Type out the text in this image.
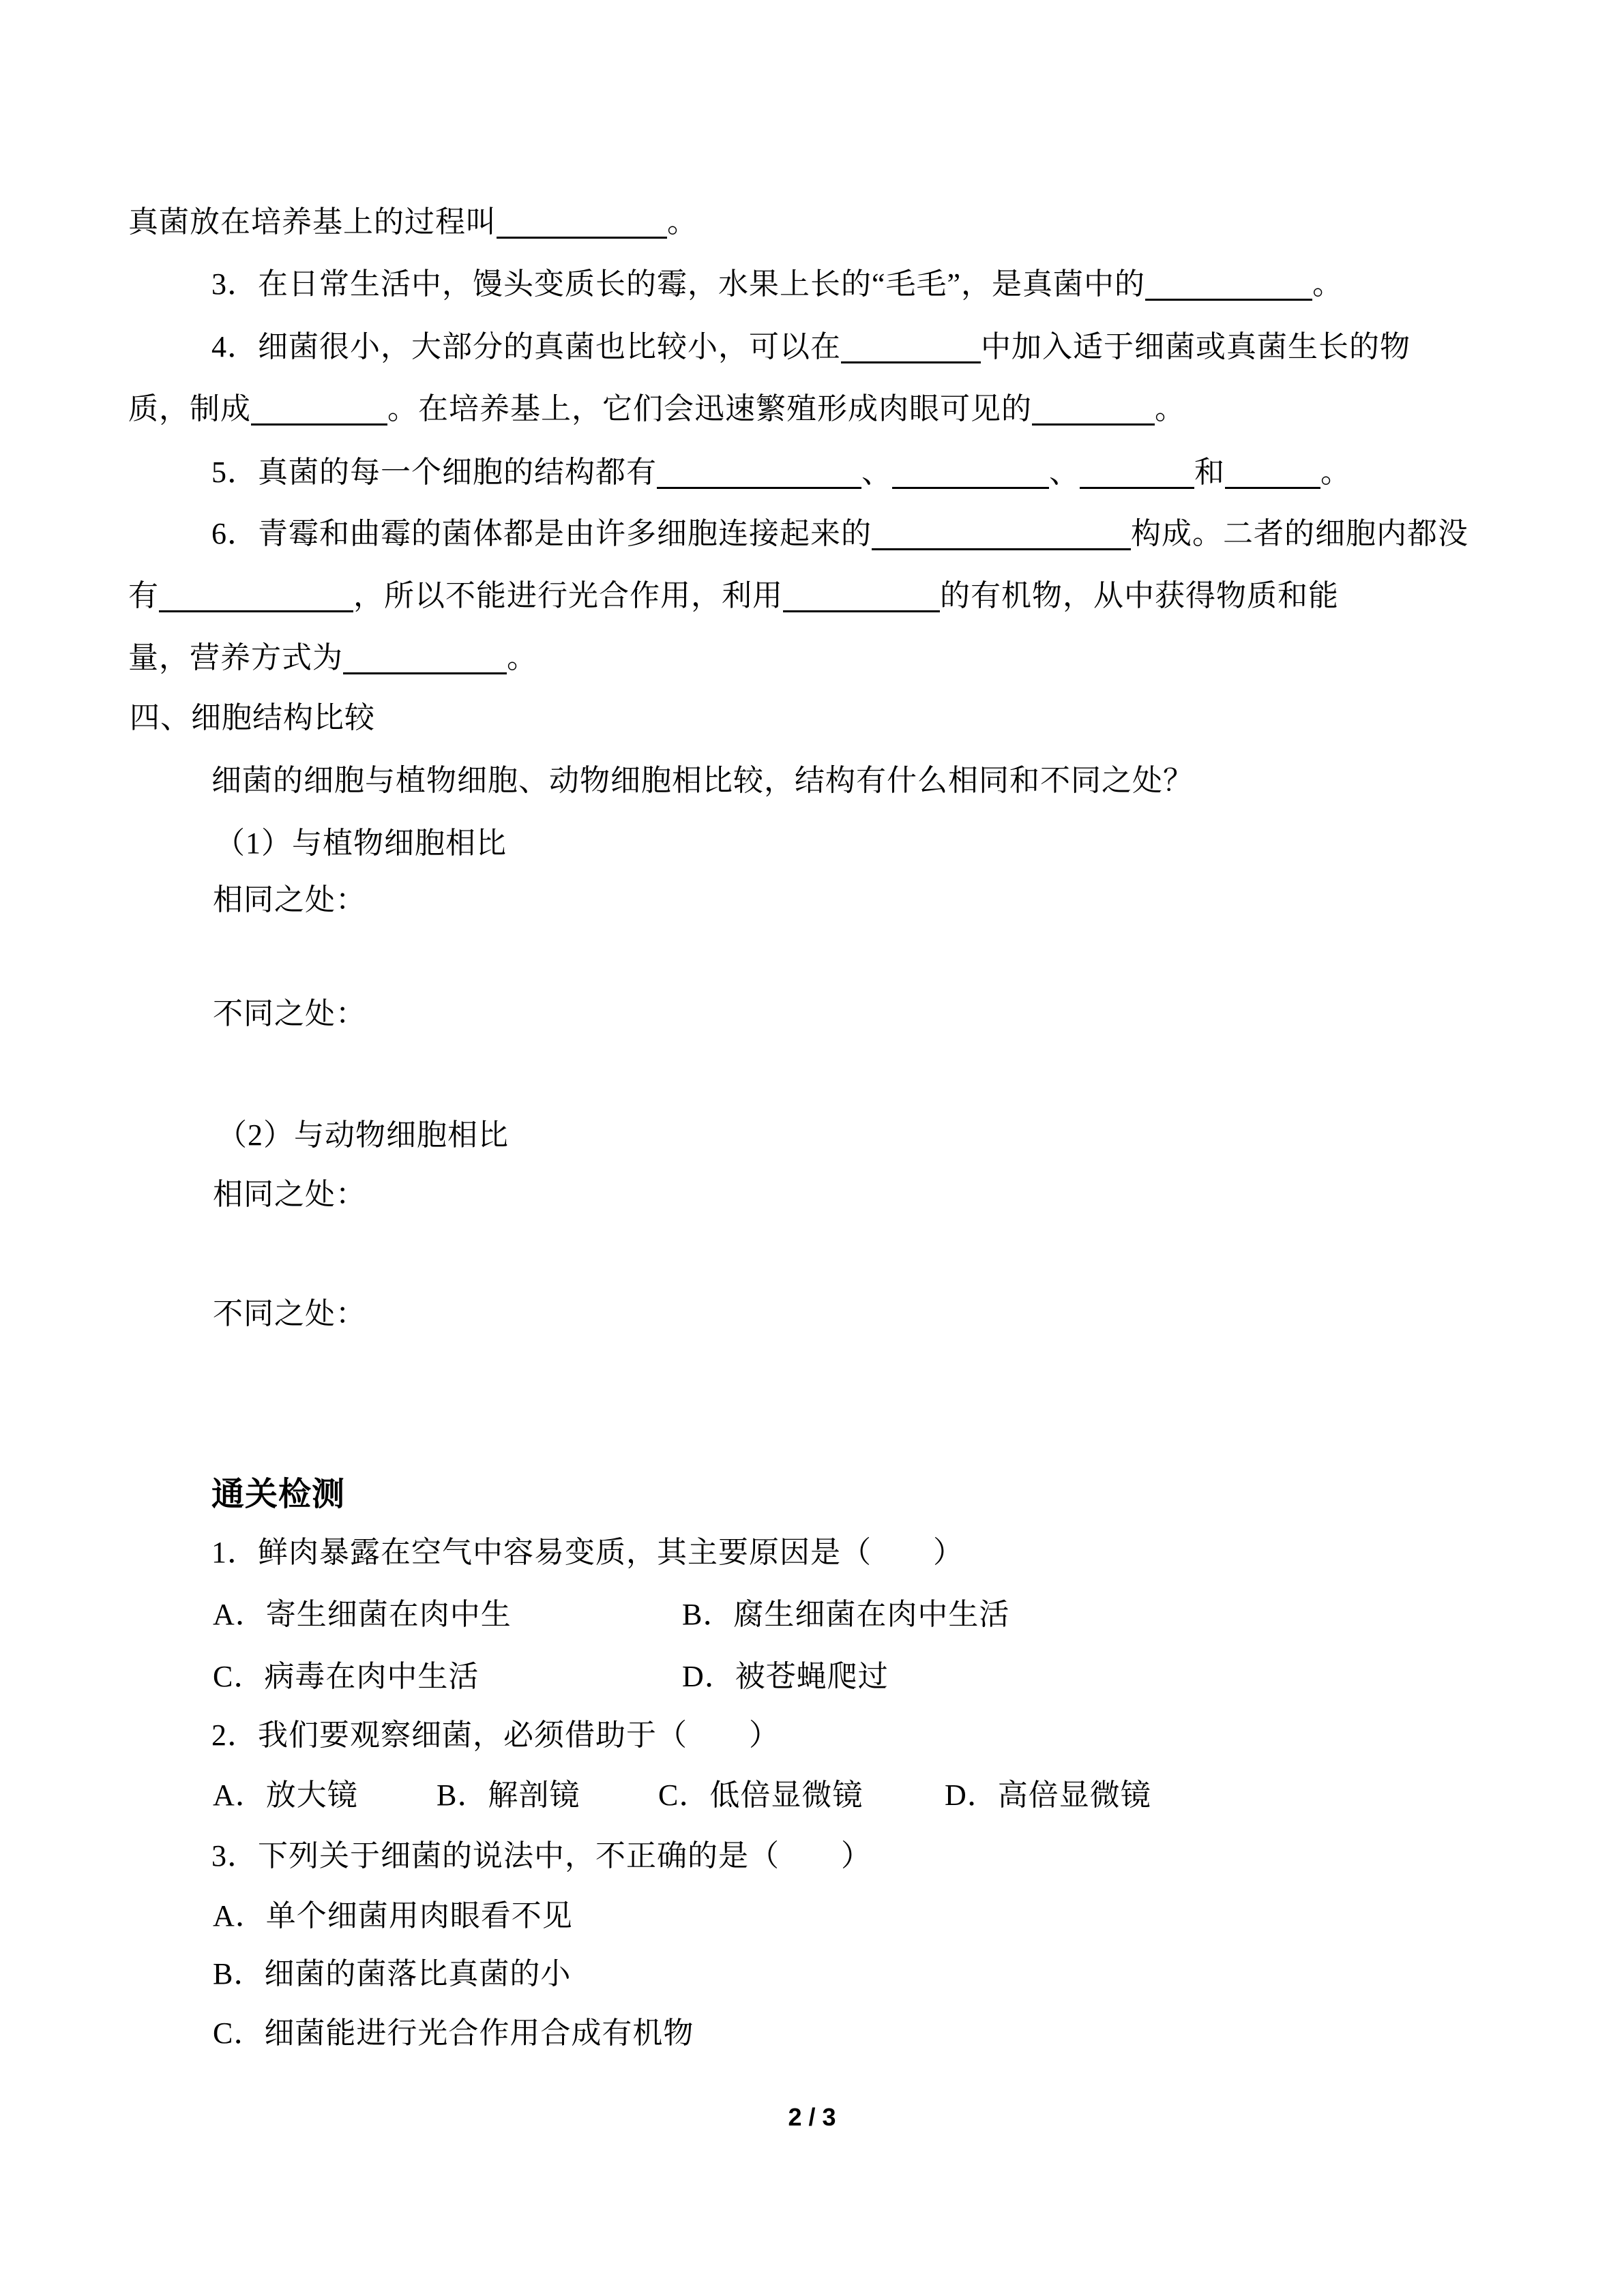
真菌放在培养基上的过程叫	。
3．在日常生活中，馒头变质长的霉，水果上长的“毛毛”，是真菌中的	。
4．细菌很小，大部分的真菌也比较小，可以在	中加入适于细菌或真菌生长的物
质，制成	。在培养基上，它们会迅速繁殖形成肉眼可见的	。
5．真菌的每一个细胞的结构都有	、	、	和	。
6．青霉和曲霉的菌体都是由许多细胞连接起来的	构成。二者的细胞内都没
有	，所以不能进行光合作用，利用	的有机物，从中获得物质和能
量，营养方式为	。
四、细胞结构比较
细菌的细胞与植物细胞、动物细胞相比较，结构有什么相同和不同之处？
（1）与植物细胞相比
相同之处：
不同之处：
（2）与动物细胞相比
相同之处：
不同之处：
通关检测
1．鲜肉暴露在空气中容易变质，其主要原因是（　　）
A．寄生细菌在肉中生	B．腐生细菌在肉中生活
C．病毒在肉中生活	D．被苍蝇爬过
2．我们要观察细菌，必须借助于（　　）
A．放大镜	B．解剖镜	C．低倍显微镜	D．高倍显微镜
3．下列关于细菌的说法中，不正确的是（　　）
A．单个细菌用肉眼看不见
B．细菌的菌落比真菌的小
C．细菌能进行光合作用合成有机物
2 / 3
